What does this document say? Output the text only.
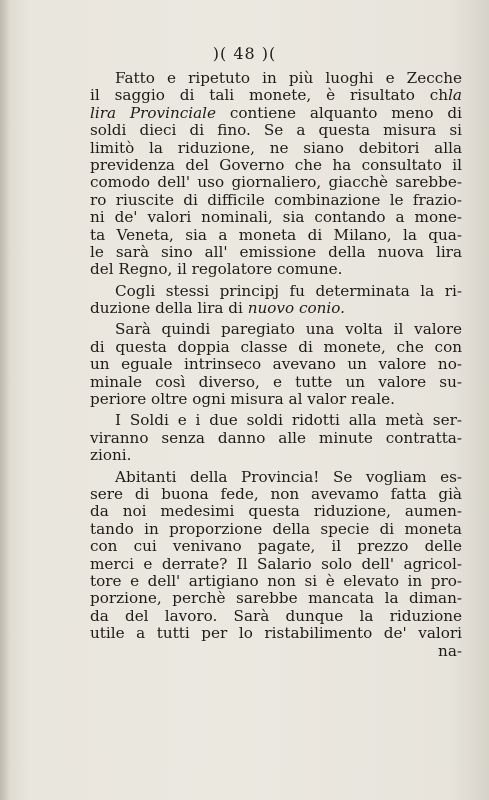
)( 48 )(
Fatto e ripetuto in più luoghi e Zecche
il saggio di tali monete, è risultato chla
lira Provinciale contiene alquanto meno di
soldi dieci di fino. Se a questa misura si
limitò la riduzione, ne siano debitori alla
previdenza del Governo che ha consultato il
comodo dell' uso giornaliero, giacchè sarebbe-
ro riuscite di difficile combinazione le frazio-
ni de' valori nominali, sia contando a mone-
ta Veneta, sia a moneta di Milano, la qua-
le sarà sino all' emissione della nuova lira
del Regno, il regolatore comune.
Cogli stessi principj fu determinata la ri-
duzione della lira di nuovo conio.
Sarà quindi paregiato una volta il valore
di questa doppia classe di monete, che con
un eguale intrinseco avevano un valore no-
minale così diverso, e tutte un valore su-
periore oltre ogni misura al valor reale.
I Soldi e i due soldi ridotti alla metà ser-
viranno senza danno alle minute contratta-
zioni.
Abitanti della Provincia! Se vogliam es-
sere di buona fede, non avevamo fatta già
da noi medesimi questa riduzione, aumen-
tando in proporzione della specie di moneta
con cui venivano pagate, il prezzo delle
merci e derrate? Il Salario solo dell' agricol-
tore e dell' artigiano non si è elevato in pro-
porzione, perchè sarebbe mancata la diman-
da del lavoro. Sarà dunque la riduzione
utile a tutti per lo ristabilimento de' valori
na-
